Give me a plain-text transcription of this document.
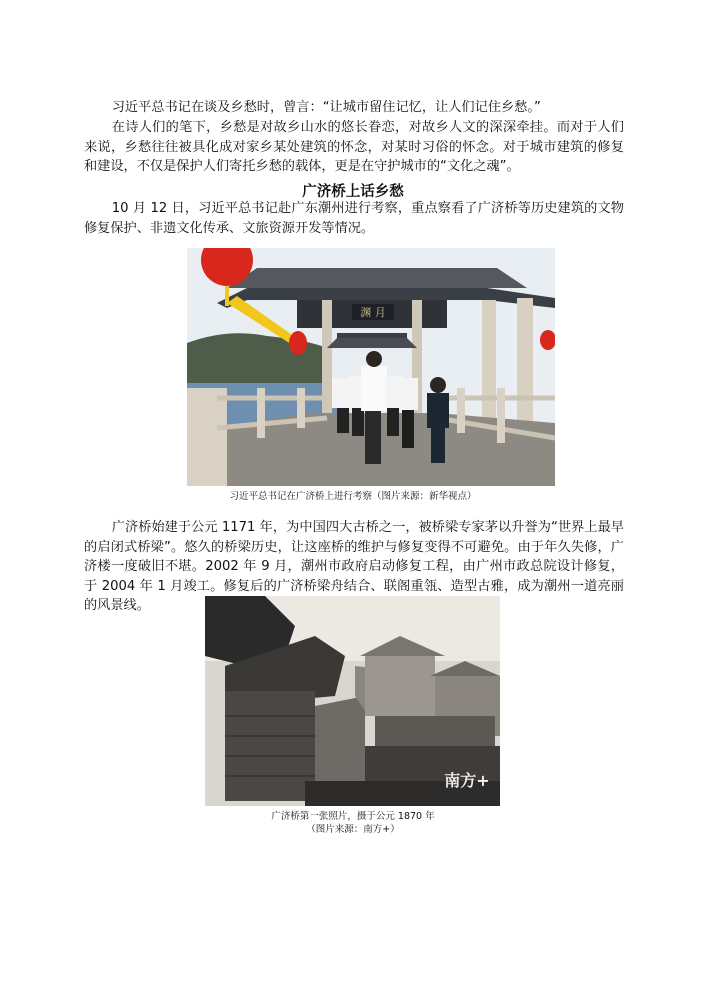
习近平总书记在谈及乡愁时，曾言：“让城市留住记忆，让人们记住乡愁。”

在诗人们的笔下，乡愁是对故乡山水的悠长眷恋，对故乡人文的深深牵挂。而对于人们来说，乡愁往往被具化成对家乡某处建筑的怀念，对某时习俗的怀念。对于城市建筑的修复和建设，不仅是保护人们寄托乡愁的载体，更是在守护城市的“文化之魂”。

广济桥上话乡愁

10 月 12 日，习近平总书记赴广东潮州进行考察，重点察看了广济桥等历史建筑的文物修复保护、非遗文化传承、文旅资源开发等情况。

渊 月

习近平总书记在广济桥上进行考察（图片来源：新华视点）

广济桥始建于公元 1171 年，为中国四大古桥之一，被桥梁专家茅以升誉为“世界上最早的启闭式桥梁”。悠久的桥梁历史，让这座桥的维护与修复变得不可避免。由于年久失修，广济楼一度破旧不堪。2002 年 9 月，潮州市政府启动修复工程，由广州市政总院设计修复，于 2004 年 1 月竣工。修复后的广济桥梁舟结合、联阁重瓴、造型古雅，成为潮州一道亮丽的风景线。

南方+

广济桥第一张照片，摄于公元 1870 年

（图片来源：南方+）
